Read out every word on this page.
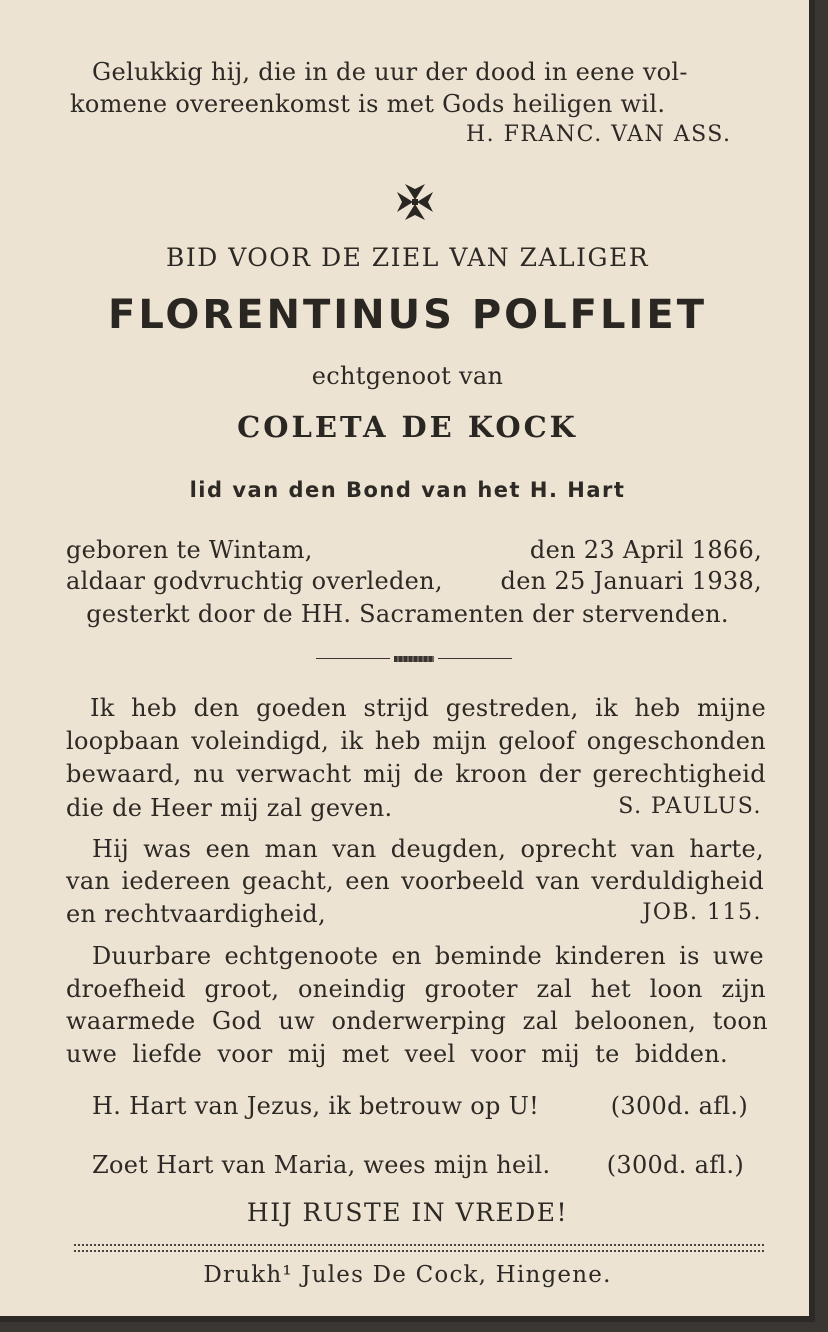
Gelukkig hij, die in de uur der dood in eene vol-
komene overeenkomst is met Gods heiligen wil.
H. FRANC. VAN ASS.
BID VOOR DE ZIEL VAN ZALIGER
FLORENTINUS POLFLIET
echtgenoot van
COLETA DE KOCK
lid van den Bond van het H. Hart
geboren te Wintam,	den 23 April 1866,
aldaar godvruchtig overleden, den 25 Januari 1938,
gesterkt door de HH. Sacramenten der stervenden.
Ik heb den goeden strijd gestreden, ik heb mijne
loopbaan voleindigd, ik heb mijn geloof ongeschonden
bewaard, nu verwacht mij de kroon der gerechtigheid
die de Heer mij zal geven.	S. PAULUS.
Hij was een man van deugden, oprecht van harte,
van iedereen geacht, een voorbeeld van verduldigheid
en rechtvaardigheid,	JOB. 115.
Duurbare echtgenoote en beminde kinderen is uwe
droefheid groot, oneindig grooter zal het loon zijn
waarmede God uw onderwerping zal beloonen, toon
uwe liefde voor mij met veel voor mij te bidden.
H. Hart van Jezus, ik betrouw op U!	(300d. afl.)
Zoet Hart van Maria, wees mijn heil. (300d. afl.)
HIJ RUSTE IN VREDE!
Drukh¹ Jules De Cock, Hingene.
